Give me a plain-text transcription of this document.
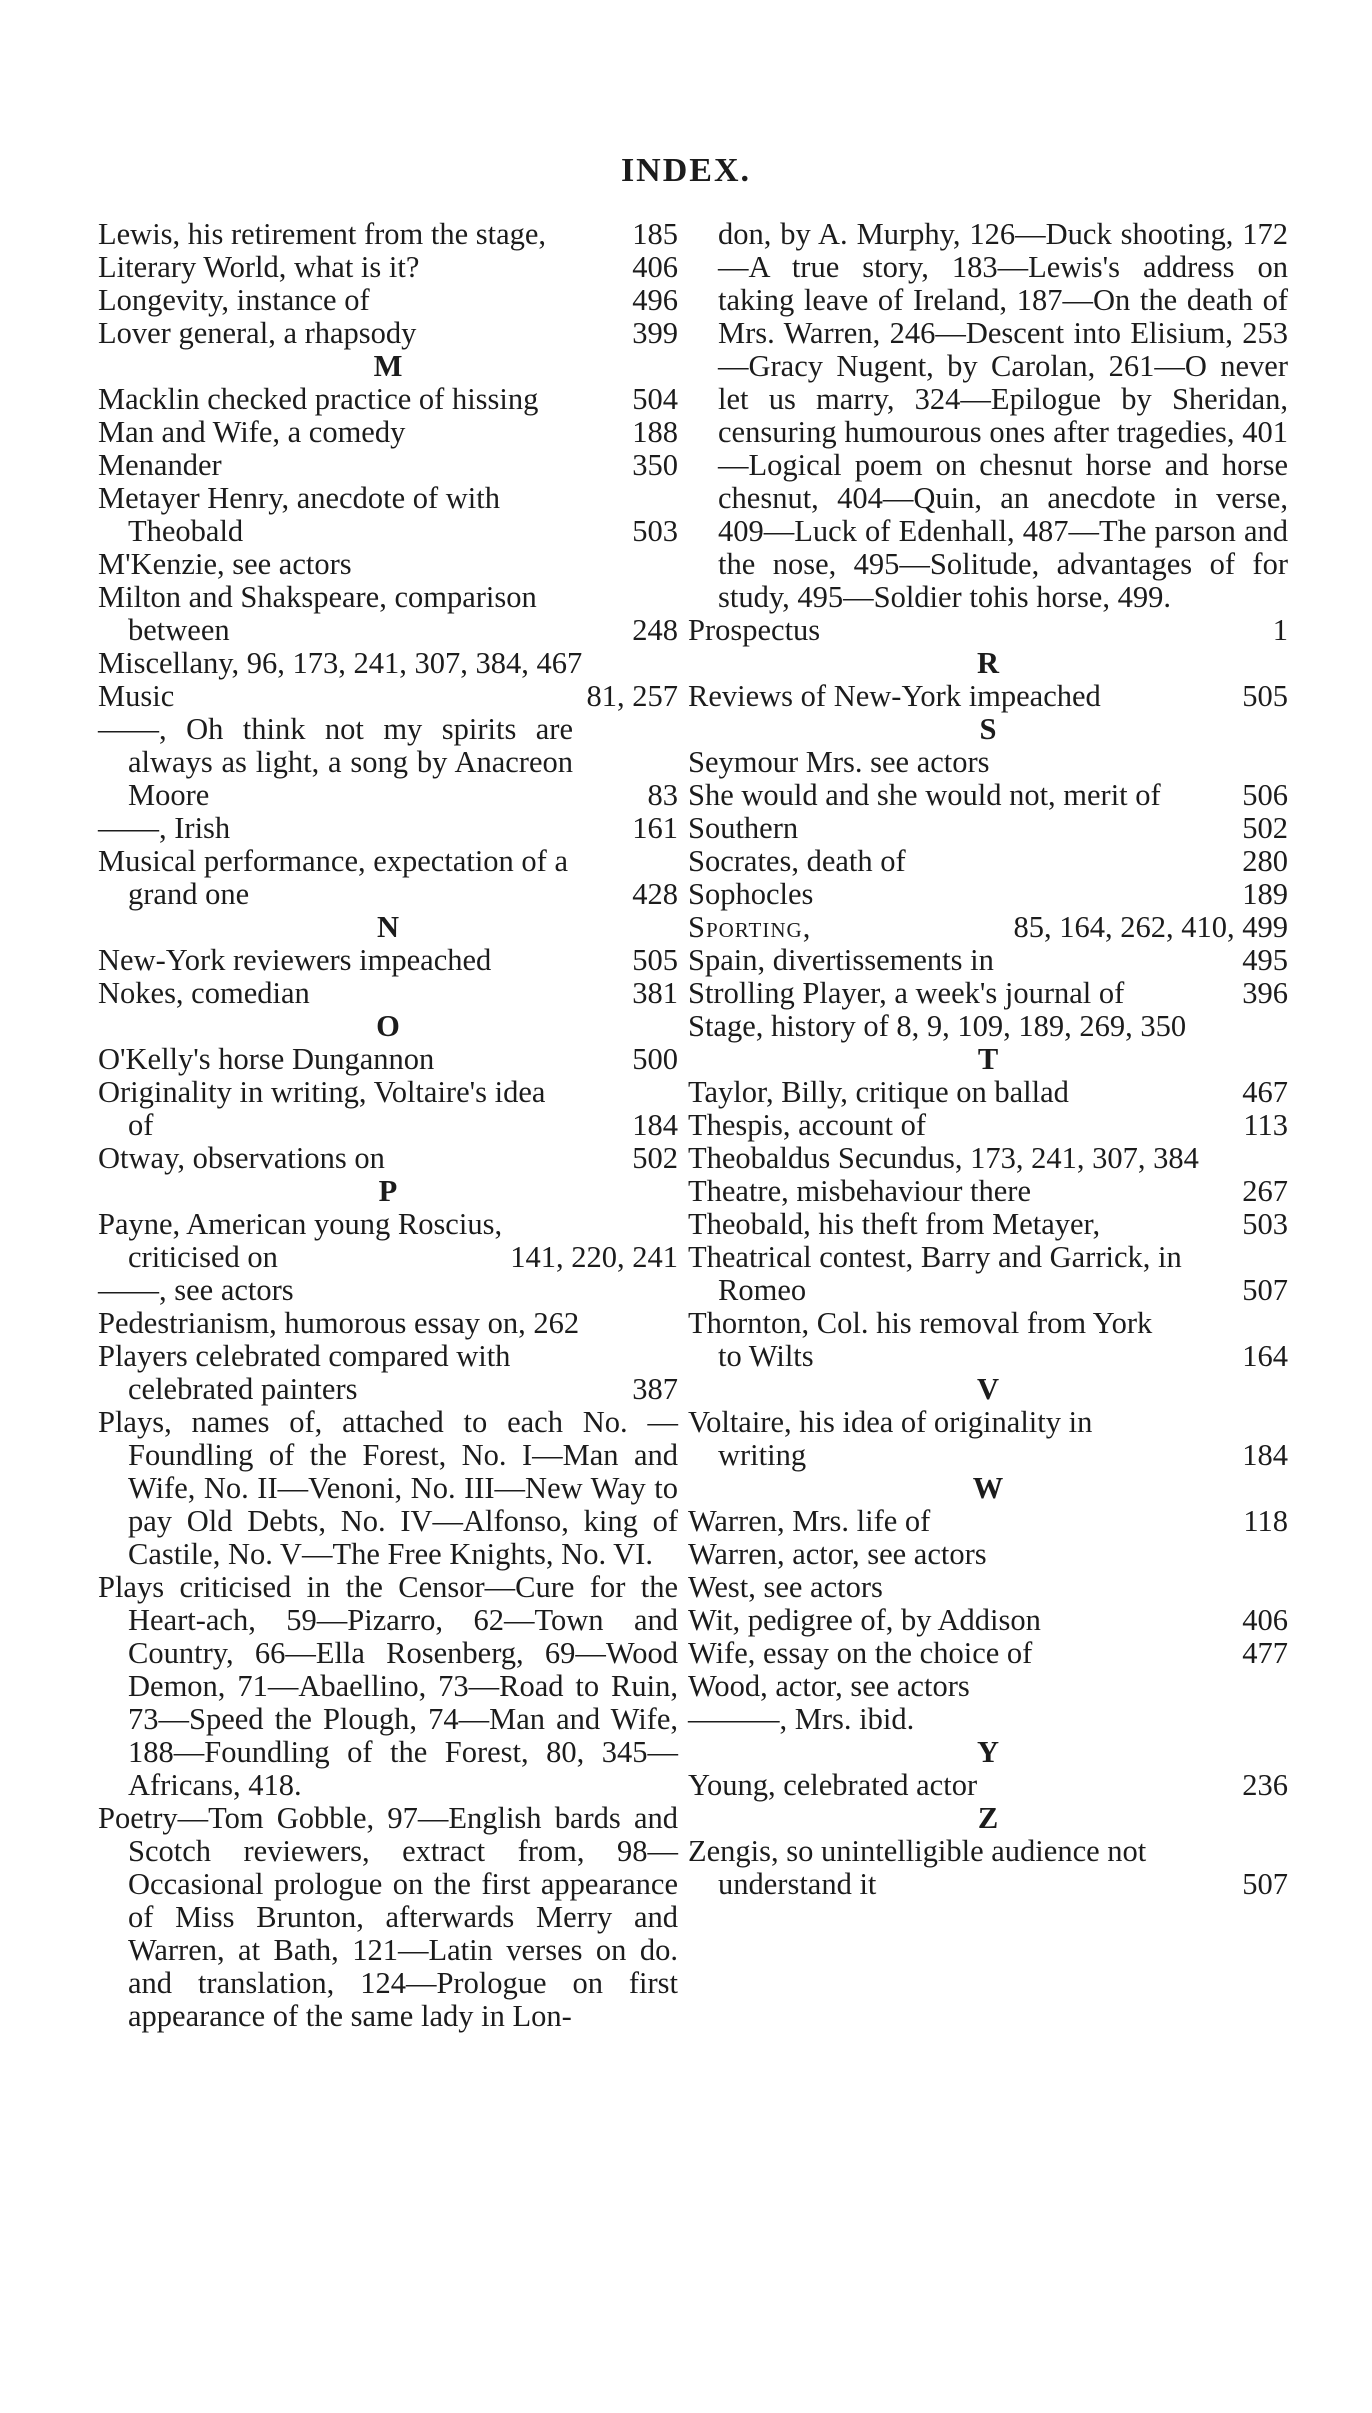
INDEX.
Lewis, his retirement from the stage,	185
Literary World, what is it?	406
Longevity, instance of	496
Lover general, a rhapsody	399
M
Macklin checked practice of hissing	504
Man and Wife, a comedy	188
Menander	350
Metayer Henry, anecdote of with Theobald	503
M'Kenzie, see actors
Milton and Shakspeare, comparison between	248
Miscellany, 96, 173, 241, 307, 384, 467
Music	81, 257
——, Oh think not my spirits are always as light, a song by Anacreon Moore	83
——, Irish	161
Musical performance, expectation of a grand one	428
N
New-York reviewers impeached	505
Nokes, comedian	381
O
O'Kelly's horse Dungannon	500
Originality in writing, Voltaire's idea of	184
Otway, observations on	502
P
Payne, American young Roscius, criticised on	141, 220, 241
——, see actors
Pedestrianism, humorous essay on, 262
Players celebrated compared with celebrated painters	387
Plays, names of, attached to each No. —Foundling of the Forest, No. I—Man and Wife, No. II—Venoni, No. III—New Way to pay Old Debts, No. IV—Alfonso, king of Castile, No. V—The Free Knights, No. VI.
Plays criticised in the Censor—Cure for the Heart-ach, 59—Pizarro, 62—Town and Country, 66—Ella Rosenberg, 69—Wood Demon, 71—Abaellino, 73—Road to Ruin, 73—Speed the Plough, 74—Man and Wife, 188—Foundling of the Forest, 80, 345—Africans, 418.
Poetry—Tom Gobble, 97—English bards and Scotch reviewers, extract from, 98—Occasional prologue on the first appearance of Miss Brunton, afterwards Merry and Warren, at Bath, 121—Latin verses on do. and translation, 124—Prologue on first appearance of the same lady in Lon-
don, by A. Murphy, 126—Duck shooting, 172—A true story, 183—Lewis's address on taking leave of Ireland, 187—On the death of Mrs. Warren, 246—Descent into Elisium, 253—Gracy Nugent, by Carolan, 261—O never let us marry, 324—Epilogue by Sheridan, censuring humourous ones after tragedies, 401—Logical poem on chesnut horse and horse chesnut, 404—Quin, an anecdote in verse, 409—Luck of Edenhall, 487—The parson and the nose, 495—Solitude, advantages of for study, 495—Soldier tohis horse, 499.
Prospectus	1
R
Reviews of New-York impeached	505
S
Seymour Mrs. see actors
She would and she would not, merit of	506
Southern	502
Socrates, death of	280
Sophocles	189
Sporting,	85, 164, 262, 410, 499
Spain, divertissements in	495
Strolling Player, a week's journal of	396
Stage, history of 8, 9, 109, 189, 269, 350
T
Taylor, Billy, critique on ballad	467
Thespis, account of	113
Theobaldus Secundus, 173, 241, 307, 384
Theatre, misbehaviour there	267
Theobald, his theft from Metayer,	503
Theatrical contest, Barry and Garrick, in Romeo	507
Thornton, Col. his removal from York to Wilts	164
V
Voltaire, his idea of originality in writing	184
W
Warren, Mrs. life of	118
Warren, actor, see actors
West, see actors
Wit, pedigree of, by Addison	406
Wife, essay on the choice of	477
Wood, actor, see actors
———, Mrs. ibid.
Y
Young, celebrated actor	236
Z
Zengis, so unintelligible audience not understand it	507
